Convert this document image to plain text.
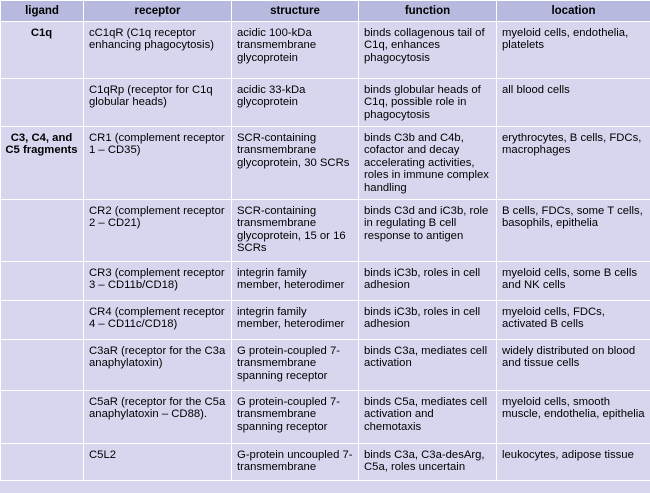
ligand	receptor	structure	function	location
C1q	cC1qR (C1q receptor enhancing phagocytosis)	acidic 100-kDa transmembrane glycoprotein	binds collagenous tail of C1q, enhances phagocytosis	myeloid cells, endothelia, platelets
	C1qRp (receptor for C1q globular heads)	acidic 33-kDa glycoprotein	binds globular heads of C1q, possible role in phagocytosis	all blood cells
C3, C4, and C5 fragments	CR1 (complement receptor 1 – CD35)	SCR-containing transmembrane glycoprotein, 30 SCRs	binds C3b and C4b, cofactor and decay accelerating activities, roles in immune complex handling	erythrocytes, B cells, FDCs, macrophages
	CR2 (complement receptor 2 – CD21)	SCR-containing transmembrane glycoprotein, 15 or 16 SCRs	binds C3d and iC3b, role in regulating B cell response to antigen	B cells, FDCs, some T cells, basophils, epithelia
	CR3 (complement receptor 3 – CD11b/CD18)	integrin family member, heterodimer	binds iC3b, roles in cell adhesion	myeloid cells, some B cells and NK cells
	CR4 (complement receptor 4 – CD11c/CD18)	integrin family member, heterodimer	binds iC3b, roles in cell adhesion	myeloid cells, FDCs, activated B cells
	C3aR (receptor for the C3a anaphylatoxin)	G protein-coupled 7-transmembrane spanning receptor	binds C3a, mediates cell activation	widely distributed on blood and tissue cells
	C5aR (receptor for the C5a anaphylatoxin – CD88).	G protein-coupled 7-transmembrane spanning receptor	binds C5a, mediates cell activation and chemotaxis	myeloid cells, smooth muscle, endothelia, epithelia
	C5L2	G-protein uncoupled 7-transmembrane	binds C3a, C3a-desArg, C5a, roles uncertain	leukocytes, adipose tissue
